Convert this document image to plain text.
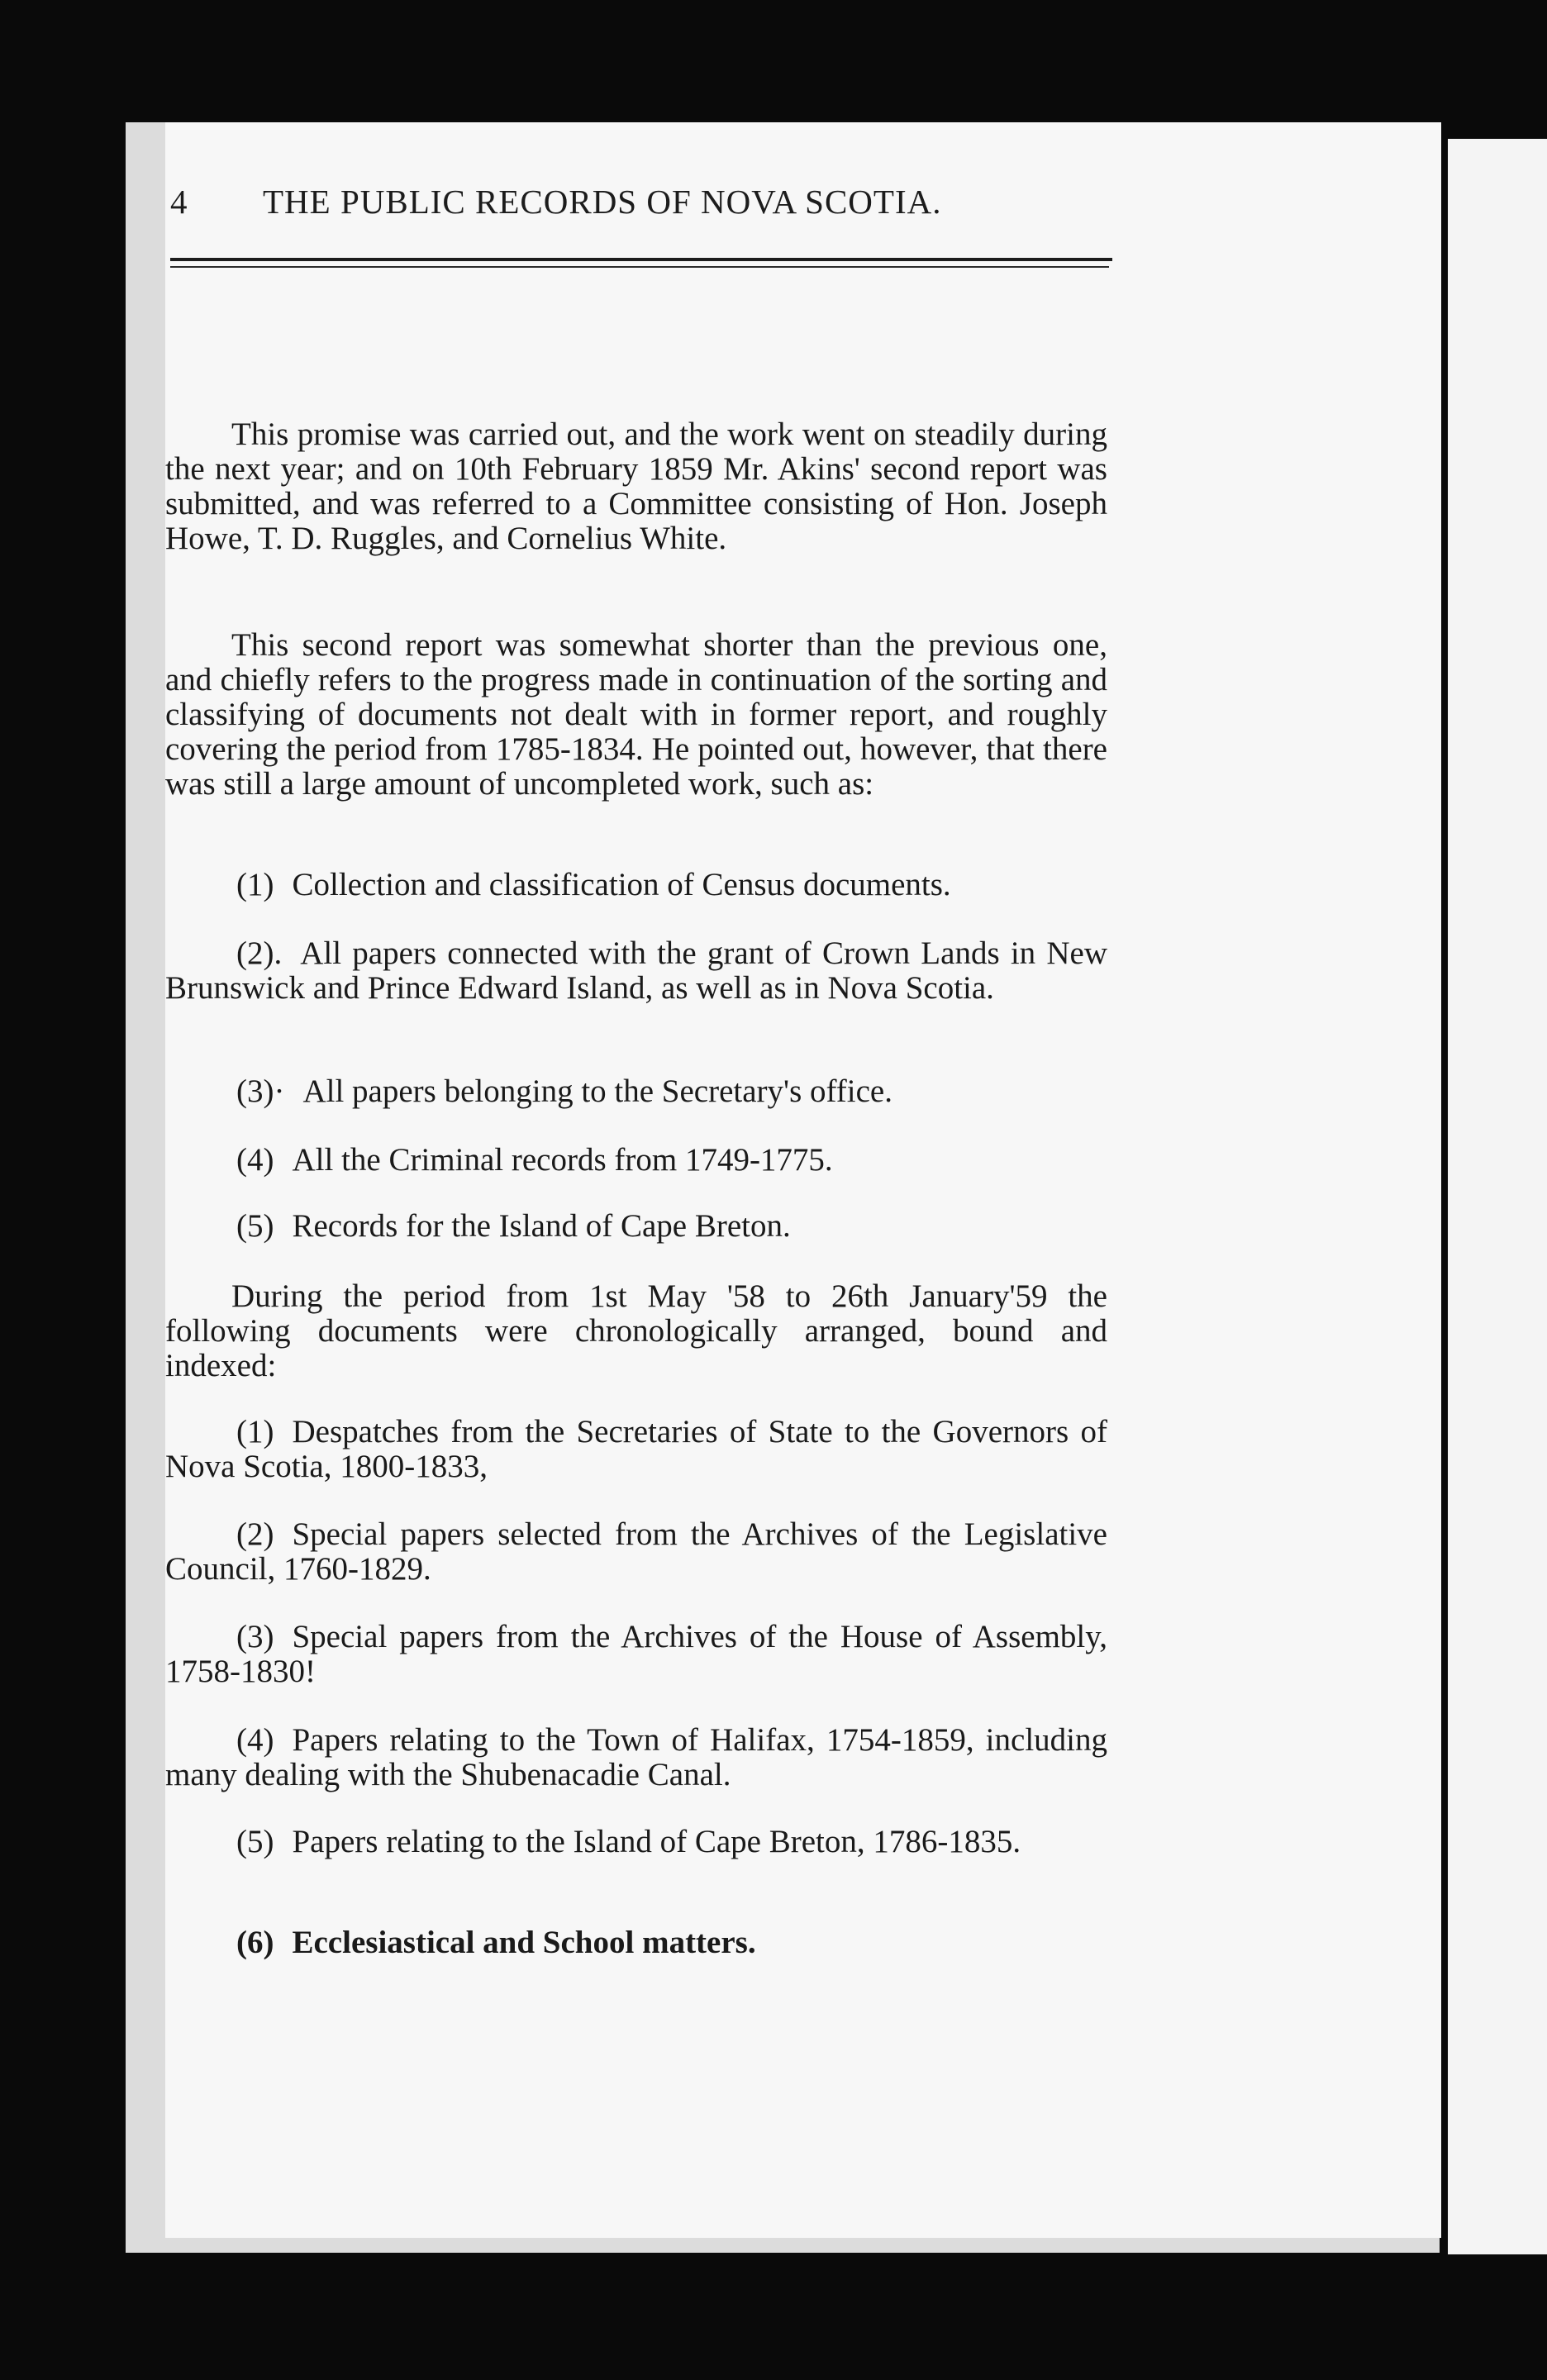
4	THE PUBLIC RECORDS OF NOVA SCOTIA.

This promise was carried out, and the work went on steadily during the next year; and on 10th February 1859 Mr. Akins' second report was submitted, and was referred to a Committee consisting of Hon. Joseph Howe, T. D. Ruggles, and Cornelius White.

This second report was somewhat shorter than the previous one, and chiefly refers to the progress made in continuation of the sorting and classifying of documents not dealt with in former report, and roughly covering the period from 1785-1834. He pointed out, however, that there was still a large amount of uncompleted work, such as:

(1) Collection and classification of Census documents.

(2). All papers connected with the grant of Crown Lands in New Brunswick and Prince Edward Island, as well as in Nova Scotia.

(3)· All papers belonging to the Secretary's office.

(4) All the Criminal records from 1749-1775.

(5) Records for the Island of Cape Breton.

During the period from 1st May '58 to 26th January'59 the following documents were chronologically arranged, bound and indexed:

(1) Despatches from the Secretaries of State to the Governors of Nova Scotia, 1800-1833,

(2) Special papers selected from the Archives of the Legislative Council, 1760-1829.

(3) Special papers from the Archives of the House of Assembly, 1758-1830!

(4) Papers relating to the Town of Halifax, 1754-1859, including many dealing with the Shubenacadie Canal.

(5) Papers relating to the Island of Cape Breton, 1786-1835.

(6) Ecclesiastical and School matters.
